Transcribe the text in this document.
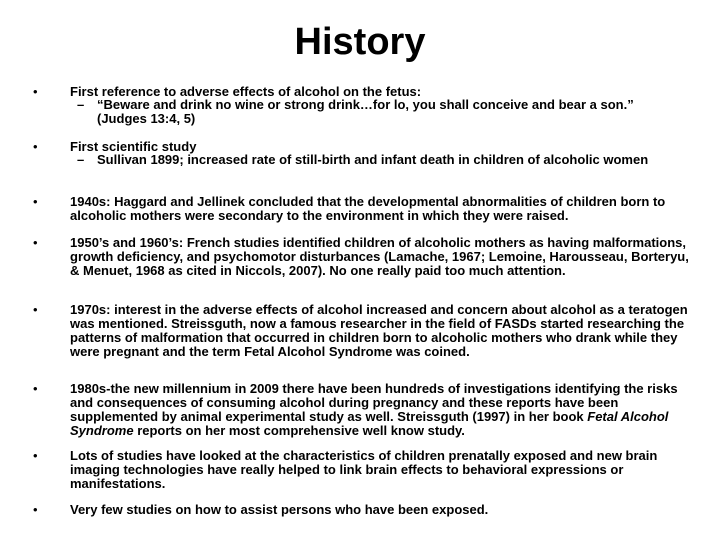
History
• First reference to adverse effects of alcohol on the fetus:
– “Beware and drink no wine or strong drink…for lo, you shall conceive and bear a son.” (Judges 13:4, 5)
• First scientific study
– Sullivan 1899; increased rate of still-birth and infant death in children of alcoholic women
• 1940s: Haggard and Jellinek concluded that the developmental abnormalities of children born to alcoholic mothers were secondary to the environment in which they were raised.
• 1950’s and 1960’s: French studies identified children of alcoholic mothers as having malformations, growth deficiency, and psychomotor disturbances (Lamache, 1967; Lemoine, Harousseau, Borteryu, & Menuet, 1968 as cited in Niccols, 2007). No one really paid too much attention.
• 1970s: interest in the adverse effects of alcohol increased and concern about alcohol as a teratogen was mentioned. Streissguth, now a famous researcher in the field of FASDs started researching the patterns of malformation that occurred in children born to alcoholic mothers who drank while they were pregnant and the term Fetal Alcohol Syndrome was coined.
• 1980s-the new millennium in 2009 there have been hundreds of investigations identifying the risks and consequences of consuming alcohol during pregnancy and these reports have been supplemented by animal experimental study as well. Streissguth (1997) in her book Fetal Alcohol Syndrome reports on her most comprehensive well know study.
• Lots of studies have looked at the characteristics of children prenatally exposed and new brain imaging technologies have really helped to link brain effects to behavioral expressions or manifestations.
• Very few studies on how to assist persons who have been exposed.
